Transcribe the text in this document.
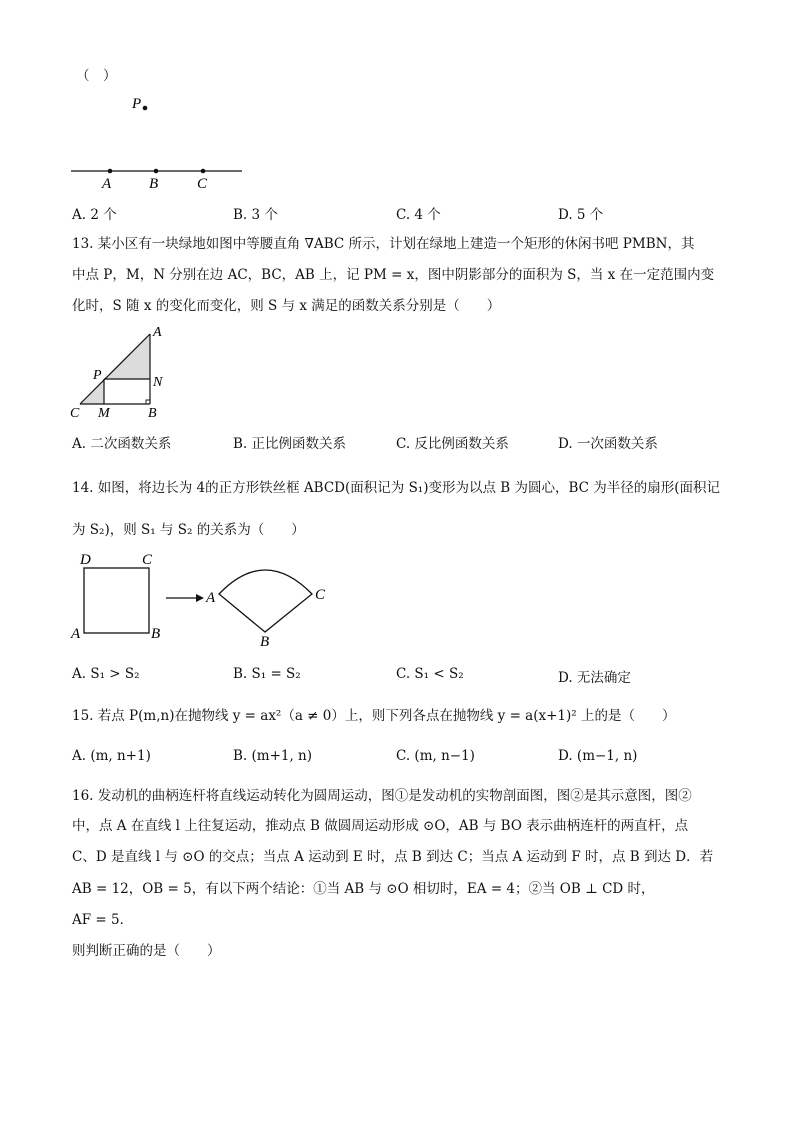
（　）
P
A	B	C
A. 2 个	B. 3 个	C. 4 个	D. 5 个
13. 某小区有一块绿地如图中等腰直角 ∇ABC 所示，计划在绿地上建造一个矩形的休闲书吧 PMBN，其
中点 P，M，N 分别在边 AC，BC，AB 上，记 PM = x，图中阴影部分的面积为 S，当 x 在一定范围内变
化时，S 随 x 的变化而变化，则 S 与 x 满足的函数关系分别是（　　）
A
P	N
C M	B
A. 二次函数关系	B. 正比例函数关系	C. 反比例函数关系	D. 一次函数关系
14. 如图，将边长为 4的正方形铁丝框 ABCD(面积记为 S₁)变形为以点 B 为圆心，BC 为半径的扇形(面积记
为 S₂)，则 S₁ 与 S₂ 的关系为（　　）
D	C
A	B
A	C
B
A. S₁ > S₂	B. S₁ = S₂	C. S₁ < S₂	D. 无法确定
15. 若点 P(m,n)在抛物线 y = ax²（a ≠ 0）上，则下列各点在抛物线 y = a(x+1)² 上的是（　　）
A. (m, n+1)	B. (m+1, n)	C. (m, n−1)	D. (m−1, n)
16. 发动机的曲柄连杆将直线运动转化为圆周运动，图①是发动机的实物剖面图，图②是其示意图，图②
中，点 A 在直线 l 上往复运动，推动点 B 做圆周运动形成 ⊙O，AB 与 BO 表示曲柄连杆的两直杆，点
C、D 是直线 l 与 ⊙O 的交点；当点 A 运动到 E 时，点 B 到达 C；当点 A 运动到 F 时，点 B 到达 D．若
AB = 12，OB = 5，有以下两个结论：①当 AB 与 ⊙O 相切时，EA = 4；②当 OB ⊥ CD 时，
AF = 5．
则判断正确的是（　　）
